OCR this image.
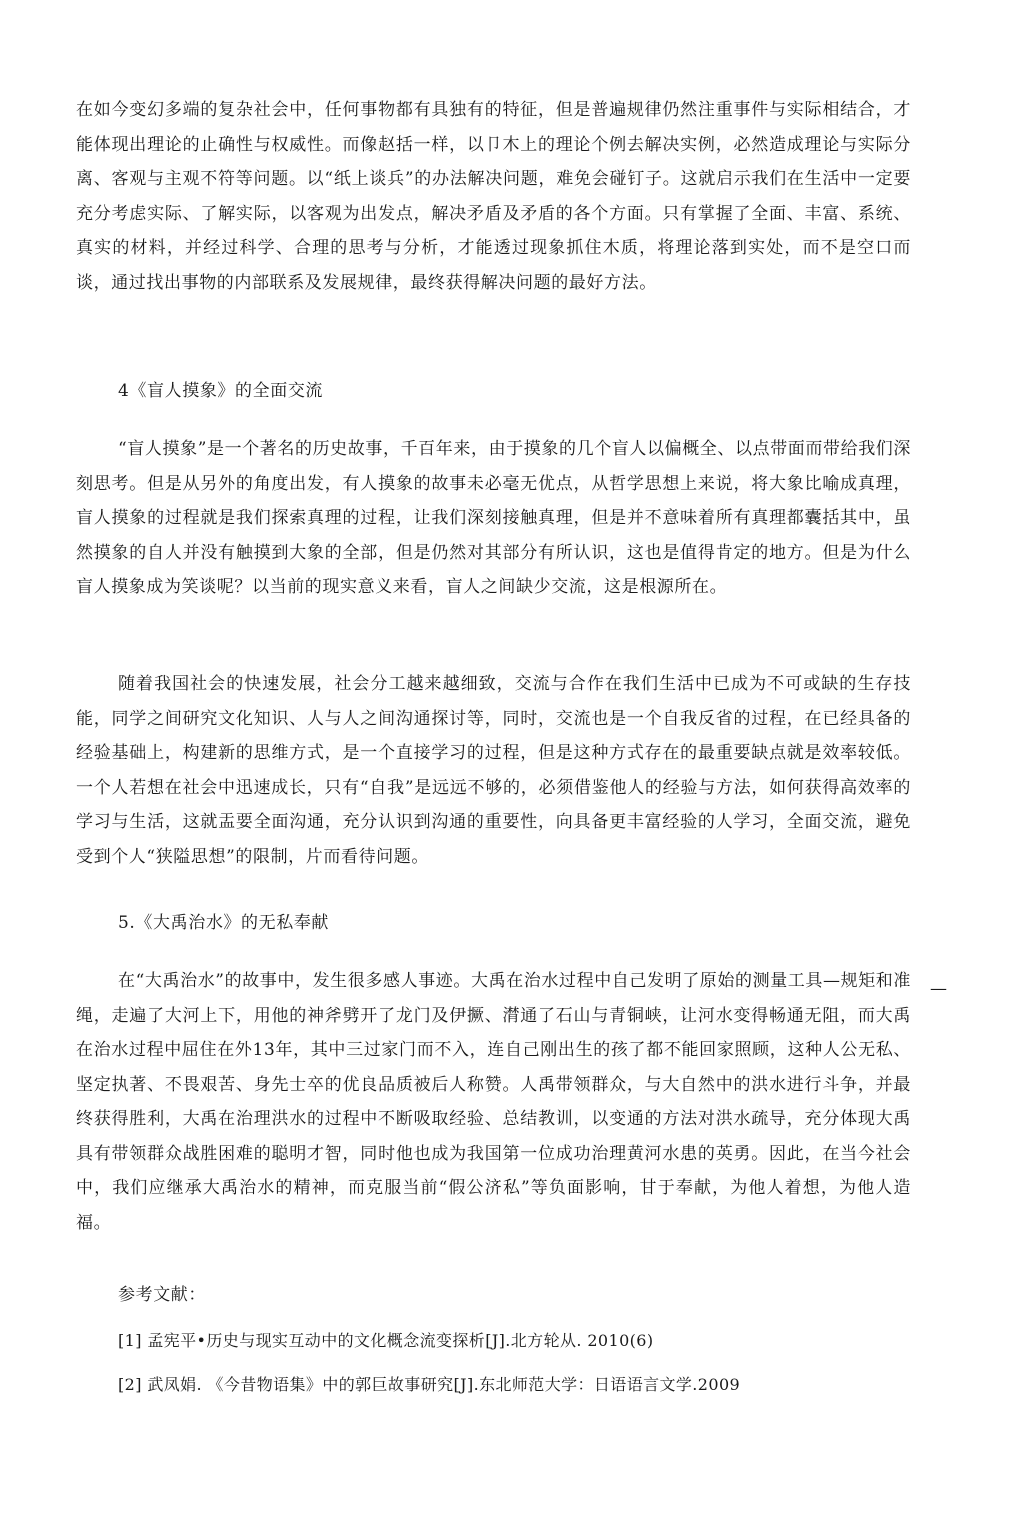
在如今变幻多端的复杂社会中，任何事物都有具独有的特征，但是普遍规律仍然注重事件与实际相结合，才能体现出理论的止确性与权威性。而像赵括一样，以卩木上的理论个例去解决实例，必然造成理论与实际分离、客观与主观不符等问题。以“纸上谈兵”的办法解决问题，难免会碰钉子。这就启示我们在生活中一定要充分考虑实际、了解实际，以客观为出发点，解决矛盾及矛盾的各个方面。只有掌握了全面、丰富、系统、真实的材料，并经过科学、合理的思考与分析，才能透过现象抓住木质，将理论落到实处，而不是空口而谈，通过找出事物的内部联系及发展规律，最终获得解决问题的最好方法。

4《盲人摸象》的全面交流

“盲人摸象”是一个著名的历史故事，千百年来，由于摸象的几个盲人以偏概全、以点带面而带给我们深刻思考。但是从另外的角度出发，有人摸象的故事未必毫无优点，从哲学思想上来说，将大象比喻成真理，盲人摸象的过程就是我们探索真理的过程，让我们深刻接触真理，但是并不意味着所有真理都囊括其中，虽然摸象的自人并没有触摸到大象的全部，但是仍然对其部分有所认识，这也是值得肯定的地方。但是为什么盲人摸象成为笑谈呢？以当前的现实意义来看，盲人之间缺少交流，这是根源所在。

随着我国社会的快速发展，社会分工越来越细致，交流与合作在我们生活中已成为不可或缺的生存技能，同学之间研究文化知识、人与人之间沟通探讨等，同时，交流也是一个自我反省的过程，在已经具备的经验基础上，构建新的思维方式，是一个直接学习的过程，但是这种方式存在的最重要缺点就是效率较低。一个人若想在社会中迅速成长，只有“自我”是远远不够的，必须借鉴他人的经验与方法，如何获得高效率的学习与生活，这就盂要全面沟通，充分认识到沟通的重要性，向具备更丰富经验的人学习，全面交流，避免受到个人“狭隘思想”的限制，片而看待问题。

5.《大禹治水》的无私奉献

在“大禹治水”的故事中，发生很多感人事迹。大禹在治水过程中自己发明了原始的测量工具—规矩和准绳，走遍了大河上下，用他的神斧劈开了龙门及伊撅、潸通了石山与青铜峡，让河水变得畅通无阻，而大禹在治水过程中屈住在外13年，其中三过家门而不入，连自己刚出生的孩了都不能回家照顾，这种人公无私、坚定执著、不畏艰苦、身先士卒的优良品质被后人称赞。人禹带领群众，与大自然中的洪水进行斗争，并最终获得胜利，大禹在治理洪水的过程中不断吸取经验、总结教训，以变通的方法对洪水疏导，充分体现大禹具有带领群众战胜困难的聪明才智，同时他也成为我国第一位成功治理黄河水患的英勇。因此，在当今社会中，我们应继承大禹治水的精神，而克服当前“假公济私”等负面影响，甘于奉献，为他人着想，为他人造福。

—

参考文献：

[1] 孟宪平•历史与现实互动中的文化概念流变探析[J].北方轮从. 2010(6)

[2] 武凤娟. 《今昔物语集》中的郭巨故事研究[J].东北师范大学：日语语言文学.2009
